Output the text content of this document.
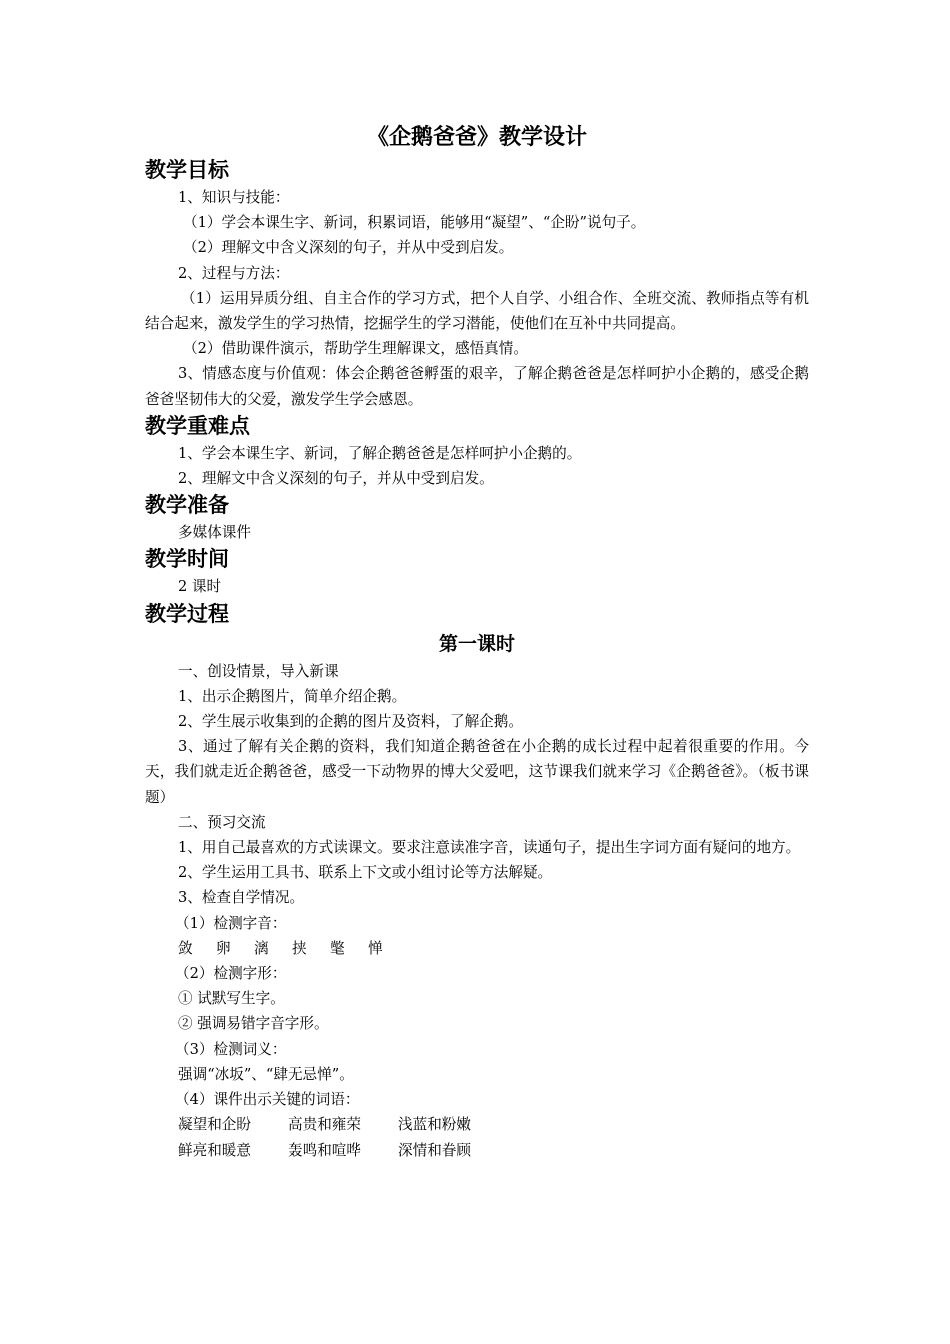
《企鹅爸爸》教学设计
教学目标

1、知识与技能：

（1）学会本课生字、新词，积累词语，能够用“凝望”、“企盼”说句子。

（2）理解文中含义深刻的句子，并从中受到启发。

2、过程与方法：

（1）运用异质分组、自主合作的学习方式，把个人自学、小组合作、全班交流、教师指点等有机结合起来，激发学生的学习热情，挖掘学生的学习潜能，使他们在互补中共同提高。

（2）借助课件演示，帮助学生理解课文，感悟真情。

3、情感态度与价值观：体会企鹅爸爸孵蛋的艰辛，了解企鹅爸爸是怎样呵护小企鹅的，感受企鹅爸爸坚韧伟大的父爱，激发学生学会感恩。

教学重难点

1、学会本课生字、新词，了解企鹅爸爸是怎样呵护小企鹅的。

2、理解文中含义深刻的句子，并从中受到启发。

教学准备

多媒体课件

教学时间

2 课时

教学过程
第一课时

一、创设情景，导入新课

1、出示企鹅图片，简单介绍企鹅。

2、学生展示收集到的企鹅的图片及资料，了解企鹅。

3、通过了解有关企鹅的资料，我们知道企鹅爸爸在小企鹅的成长过程中起着很重要的作用。今天，我们就走近企鹅爸爸，感受一下动物界的博大父爱吧，这节课我们就来学习《企鹅爸爸》。（板书课题）

二、预习交流

1、用自己最喜欢的方式读课文。要求注意读准字音，读通句子，提出生字词方面有疑问的地方。

2、学生运用工具书、联系上下文或小组讨论等方法解疑。

3、检查自学情况。

（1）检测字音：

敛	卵	漓	挟	氅	惮

（2）检测字形：

① 试默写生字。

② 强调易错字音字形。

（3）检测词义：

强调“冰坂”、“肆无忌惮”。

（4）课件出示关键的词语：

凝望和企盼	高贵和雍荣	浅蓝和粉嫩
鲜亮和暖意	轰鸣和喧哗	深情和眷顾
